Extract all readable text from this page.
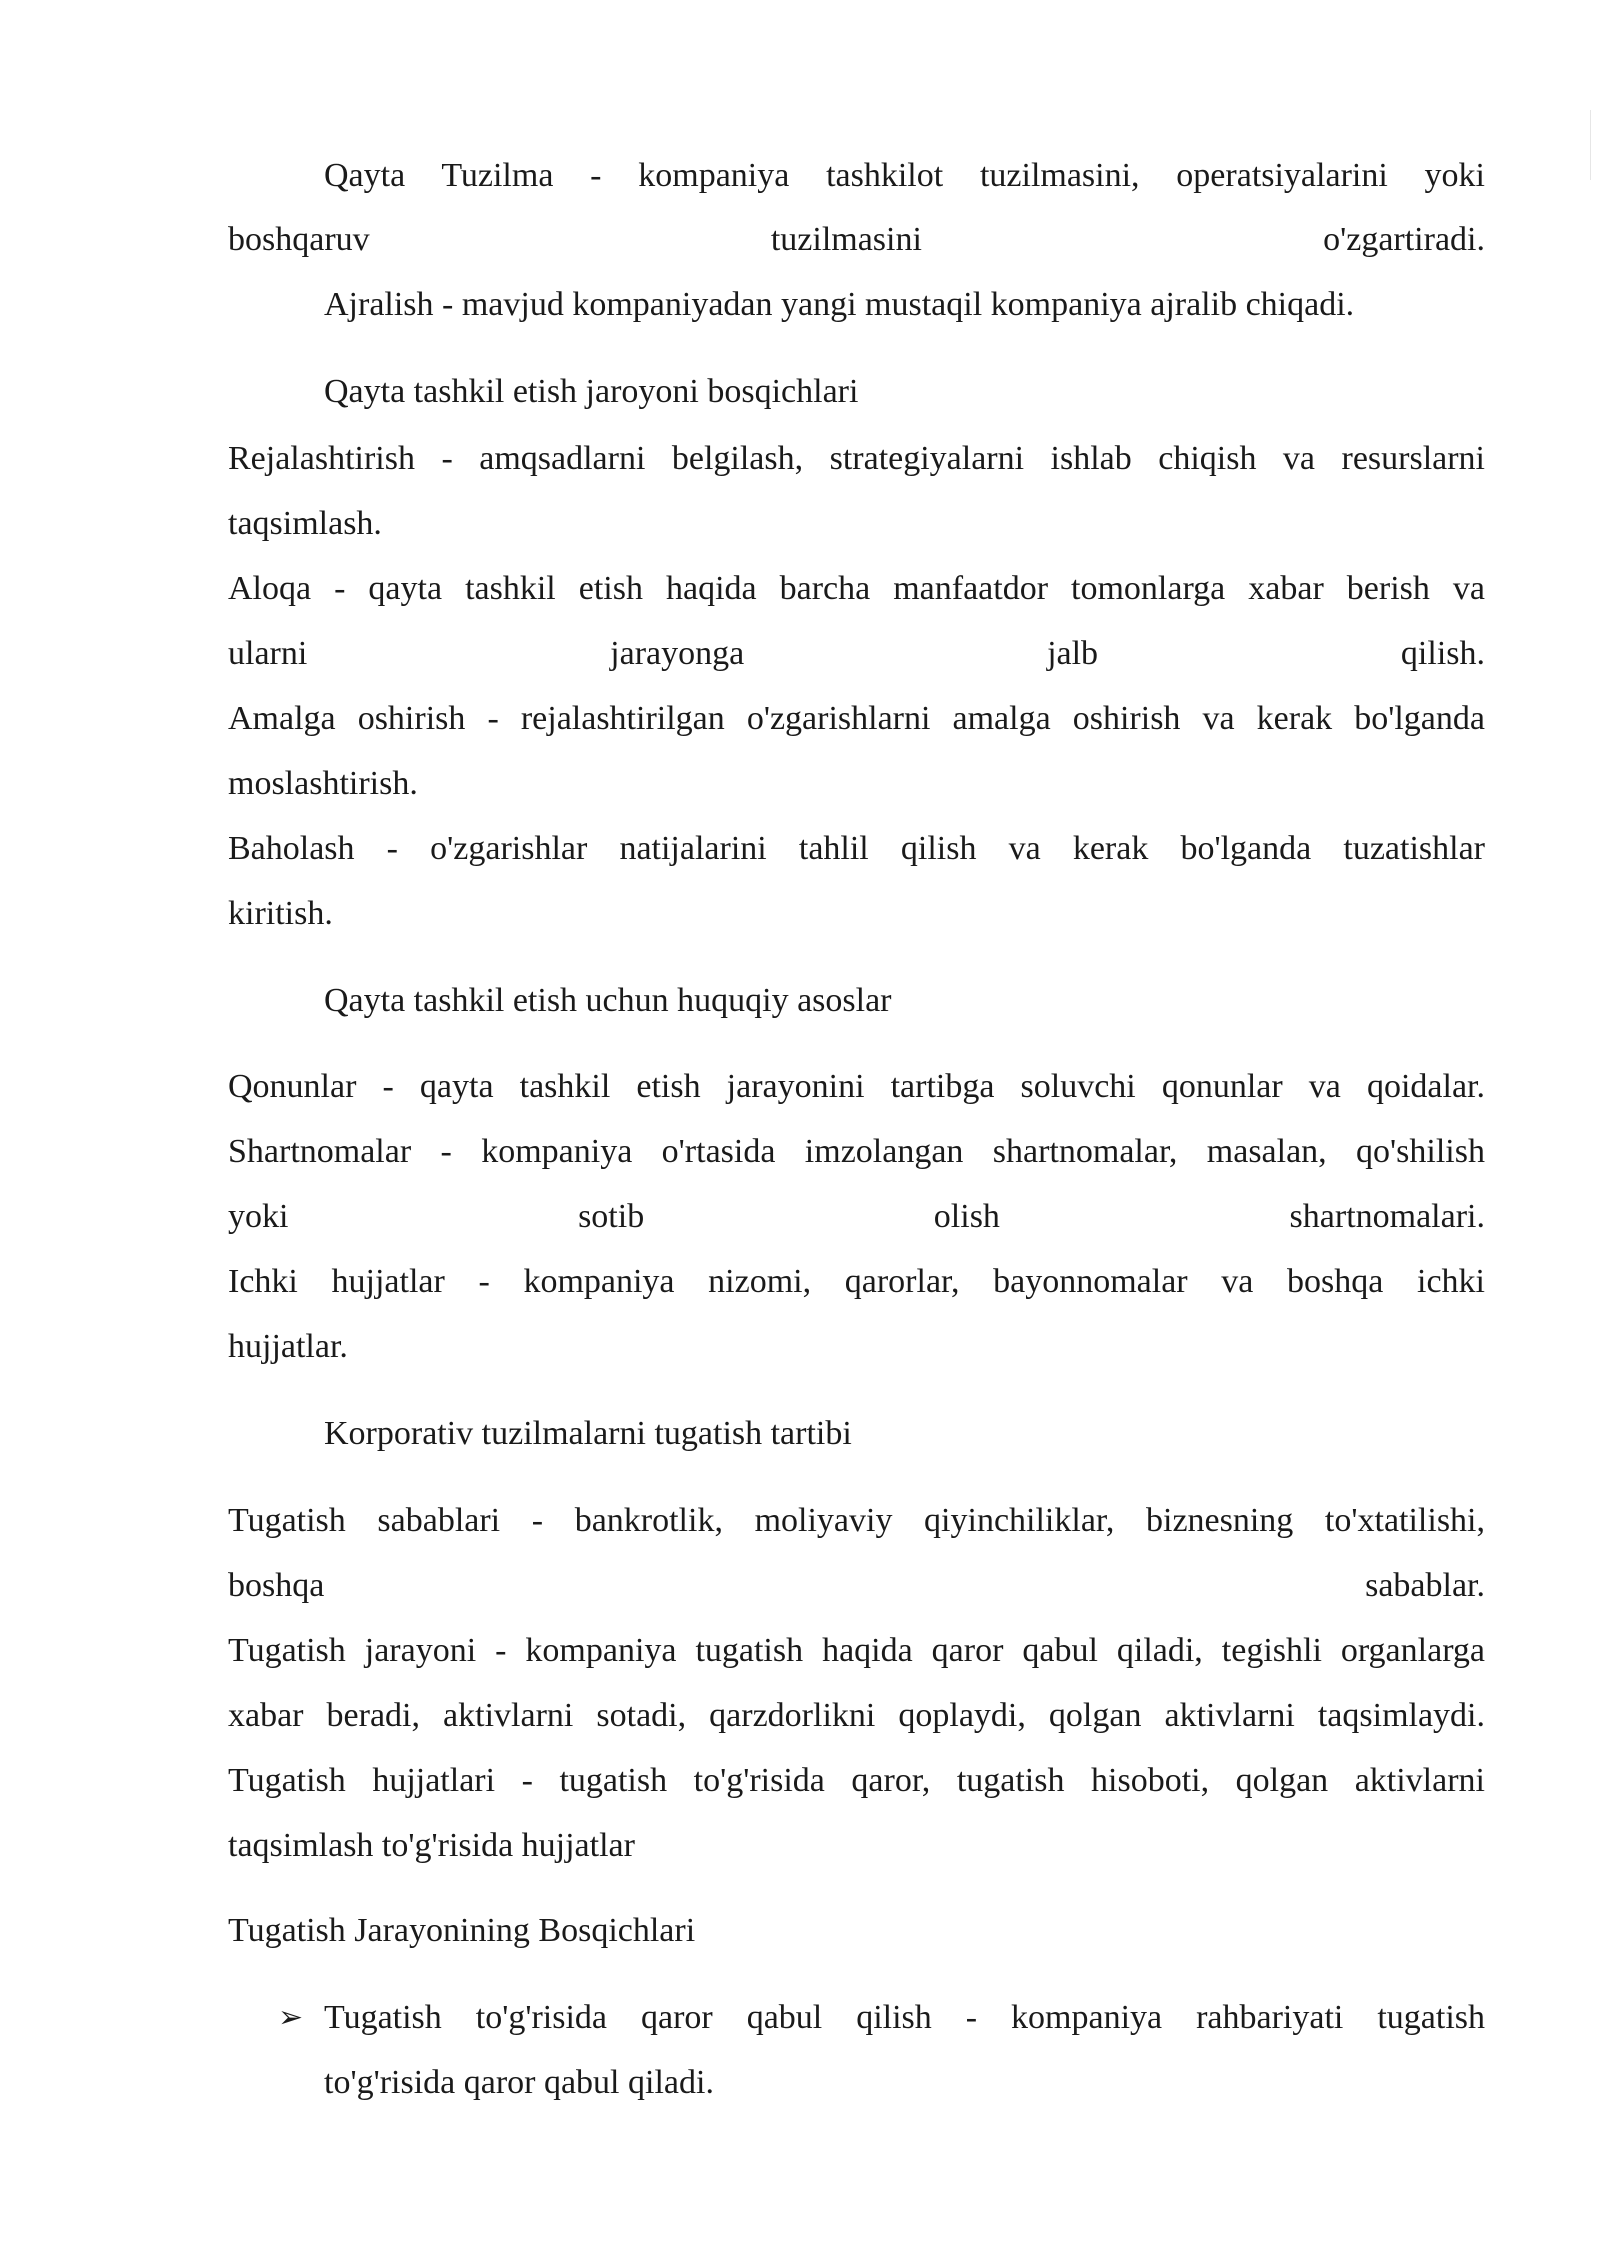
Qayta Tuzilma - kompaniya tashkilot tuzilmasini, operatsiyalarini yoki

boshqaruv tuzilmasini o'zgartiradi.

Ajralish - mavjud kompaniyadan yangi mustaqil kompaniya ajralib chiqadi.

Qayta tashkil etish jaroyoni bosqichlari

Rejalashtirish - amqsadlarni belgilash, strategiyalarni ishlab chiqish va resurslarni

taqsimlash.

Aloqa - qayta tashkil etish haqida barcha manfaatdor tomonlarga xabar berish va

ularni jarayonga jalb qilish.

Amalga oshirish - rejalashtirilgan o'zgarishlarni amalga oshirish va kerak bo'lganda

moslashtirish.

Baholash - o'zgarishlar natijalarini tahlil qilish va kerak bo'lganda tuzatishlar

kiritish.

Qayta tashkil etish uchun huquqiy asoslar

Qonunlar - qayta tashkil etish jarayonini tartibga soluvchi qonunlar va qoidalar.

Shartnomalar - kompaniya o'rtasida imzolangan shartnomalar, masalan, qo'shilish

yoki sotib olish shartnomalari.

Ichki hujjatlar - kompaniya nizomi, qarorlar, bayonnomalar va boshqa ichki

hujjatlar.

Korporativ tuzilmalarni tugatish tartibi

Tugatish sabablari - bankrotlik, moliyaviy qiyinchiliklar, biznesning to'xtatilishi,

boshqa sabablar.

Tugatish jarayoni - kompaniya tugatish haqida qaror qabul qiladi, tegishli organlarga

xabar beradi, aktivlarni sotadi, qarzdorlikni qoplaydi, qolgan aktivlarni taqsimlaydi.

Tugatish hujjatlari - tugatish to'g'risida qaror, tugatish hisoboti, qolgan aktivlarni

taqsimlash to'g'risida hujjatlar

Tugatish Jarayonining Bosqichlari

➢ Tugatish to'g'risida qaror qabul qilish - kompaniya rahbariyati tugatish

to'g'risida qaror qabul qiladi.
